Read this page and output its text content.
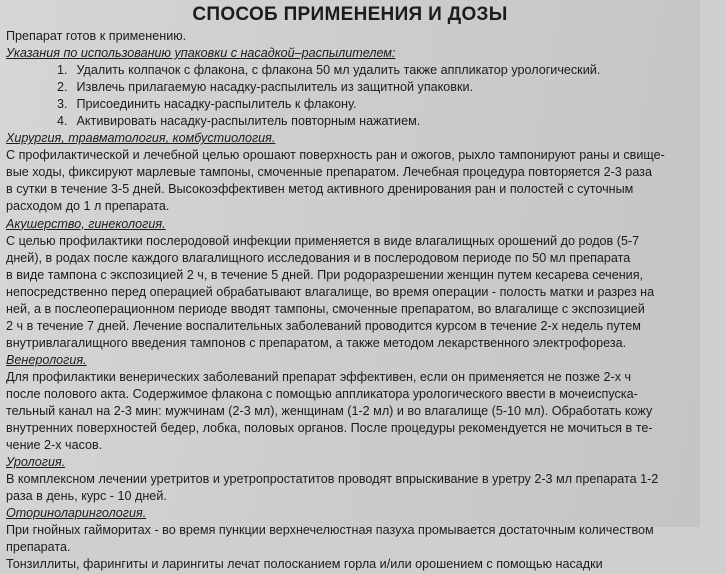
СПОСОБ ПРИМЕНЕНИЯ И ДОЗЫ
Препарат готов к применению.
Указания по использованию упаковки с насадкой–распылителем:
1. Удалить колпачок с флакона, с флакона 50 мл удалить также аппликатор урологический.
2. Извлечь прилагаемую насадку-распылитель из защитной упаковки.
3. Присоединить насадку-распылитель к флакону.
4. Активировать насадку-распылитель повторным нажатием.
Хирургия, травматология, комбустиология.
С профилактической и лечебной целью орошают поверхность ран и ожогов, рыхло тампонируют раны и свище-
вые ходы, фиксируют марлевые тампоны, смоченные препаратом. Лечебная процедура повторяется 2-3 раза
в сутки в течение 3-5 дней. Высокоэффективен метод активного дренирования ран и полостей с суточным
расходом до 1 л препарата.
Акушерство, гинекология.
С целью профилактики послеродовой инфекции применяется в виде влагалищных орошений до родов (5-7
дней), в родах после каждого влагалищного исследования и в послеродовом периоде по 50 мл препарата
в виде тампона с экспозицией 2 ч, в течение 5 дней. При родоразрешении женщин путем кесарева сечения,
непосредственно перед операцией обрабатывают влагалище, во время операции - полость матки и разрез на
ней, а в послеоперационном периоде вводят тампоны, смоченные препаратом, во влагалище с экспозицией
2 ч в течение 7 дней. Лечение воспалительных заболеваний проводится курсом в течение 2-х недель путем
внутривлагалищного введения тампонов с препаратом, а также методом лекарственного электрофореза.
Венерология.
Для профилактики венерических заболеваний препарат эффективен, если он применяется не позже 2-х ч
после полового акта. Содержимое флакона с помощью аппликатора урологического ввести в мочеиспуска-
тельный канал на 2-3 мин: мужчинам (2-3 мл), женщинам (1-2 мл) и во влагалище (5-10 мл). Обработать кожу
внутренних поверхностей бедер, лобка, половых органов. После процедуры рекомендуется не мочиться в те-
чение 2-х часов.
Урология.
В комплексном лечении уретритов и уретропростатитов проводят впрыскивание в уретру 2-3 мл препарата 1-2
раза в день, курс - 10 дней.
Оториноларингология.
При гнойных гайморитах - во время пункции верхнечелюстная пазуха промывается достаточным количеством
препарата.
Тонзиллиты, фарингиты и ларингиты лечат полосканием горла и/или орошением с помощью насадки
